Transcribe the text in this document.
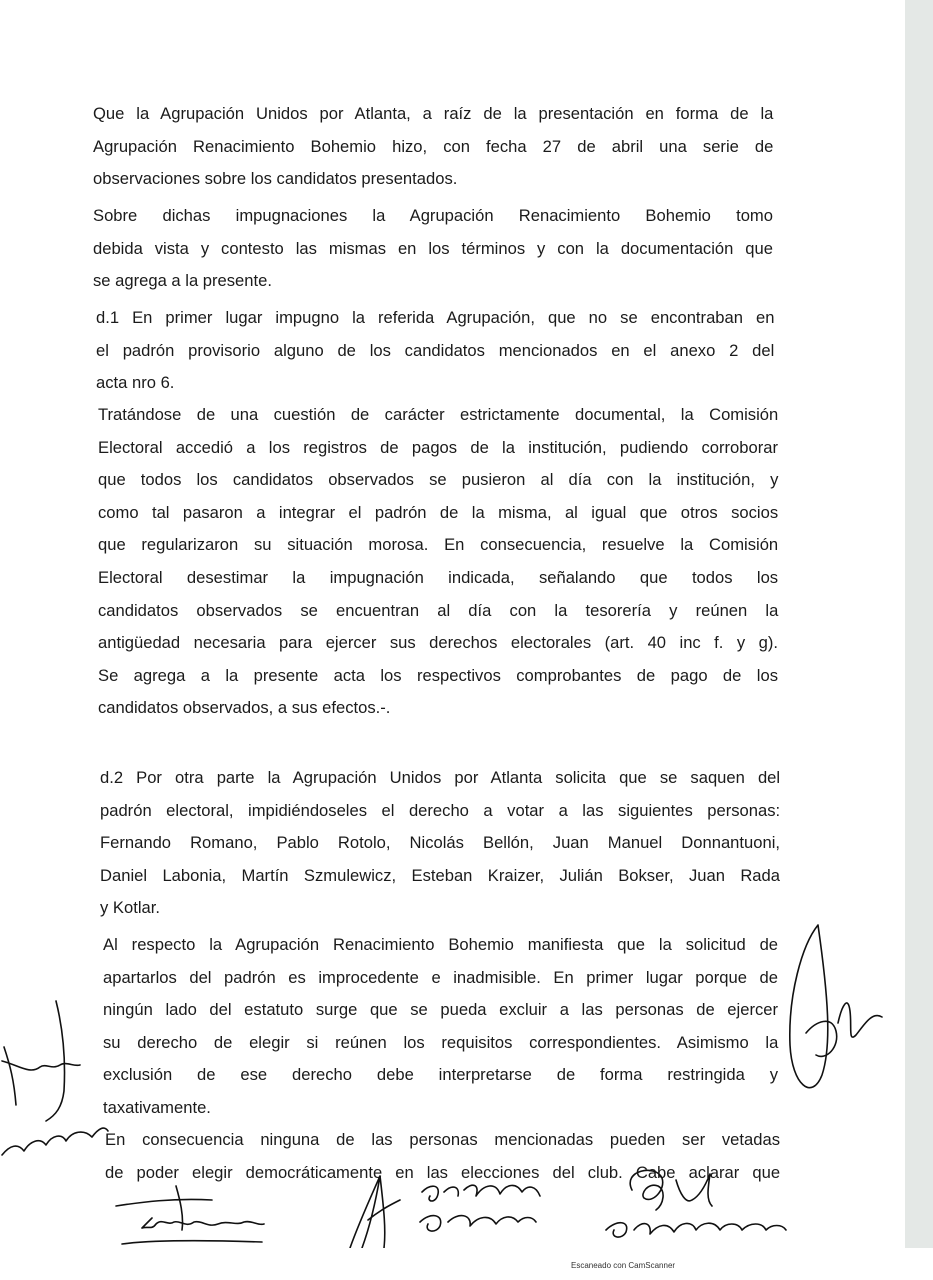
Que la Agrupación Unidos por Atlanta, a raíz de la presentación en forma de la
Agrupación Renacimiento Bohemio hizo, con fecha 27 de abril una serie de
observaciones sobre los candidatos presentados.
Sobre dichas impugnaciones la Agrupación Renacimiento Bohemio tomo
debida vista y contesto las mismas en los términos y con la documentación que
se agrega a la presente.
d.1 En primer lugar impugno la referida Agrupación, que no se encontraban en
el padrón provisorio alguno de los candidatos mencionados en el anexo 2 del
acta nro 6.
Tratándose de una cuestión de carácter estrictamente documental, la Comisión
Electoral accedió a los registros de pagos de la institución, pudiendo corroborar
que todos los candidatos observados se pusieron al día con la institución, y
como tal pasaron a integrar el padrón de la misma, al igual que otros socios
que regularizaron su situación morosa. En consecuencia, resuelve la Comisión
Electoral desestimar la impugnación indicada, señalando que todos los
candidatos observados se encuentran al día con la tesorería y reúnen la
antigüedad necesaria para ejercer sus derechos electorales (art. 40 inc f. y g).
Se agrega a la presente acta los respectivos comprobantes de pago de los
candidatos observados, a sus efectos.-.
d.2 Por otra parte la Agrupación Unidos por Atlanta solicita que se saquen del
padrón electoral, impidiéndoseles el derecho a votar a las siguientes personas:
Fernando Romano, Pablo Rotolo, Nicolás Bellón, Juan Manuel Donnantuoni,
Daniel Labonia, Martín Szmulewicz, Esteban Kraizer, Julián Bokser, Juan Rada
y Kotlar.
Al respecto la Agrupación Renacimiento Bohemio manifiesta que la solicitud de
apartarlos del padrón es improcedente e inadmisible. En primer lugar porque de
ningún lado del estatuto surge que se pueda excluir a las personas de ejercer
su derecho de elegir si reúnen los requisitos correspondientes. Asimismo la
exclusión de ese derecho debe interpretarse de forma restringida y
taxativamente.
En consecuencia ninguna de las personas mencionadas pueden ser vetadas
de poder elegir democráticamente en las elecciones del club. Cabe aclarar que
Escaneado con CamScanner
